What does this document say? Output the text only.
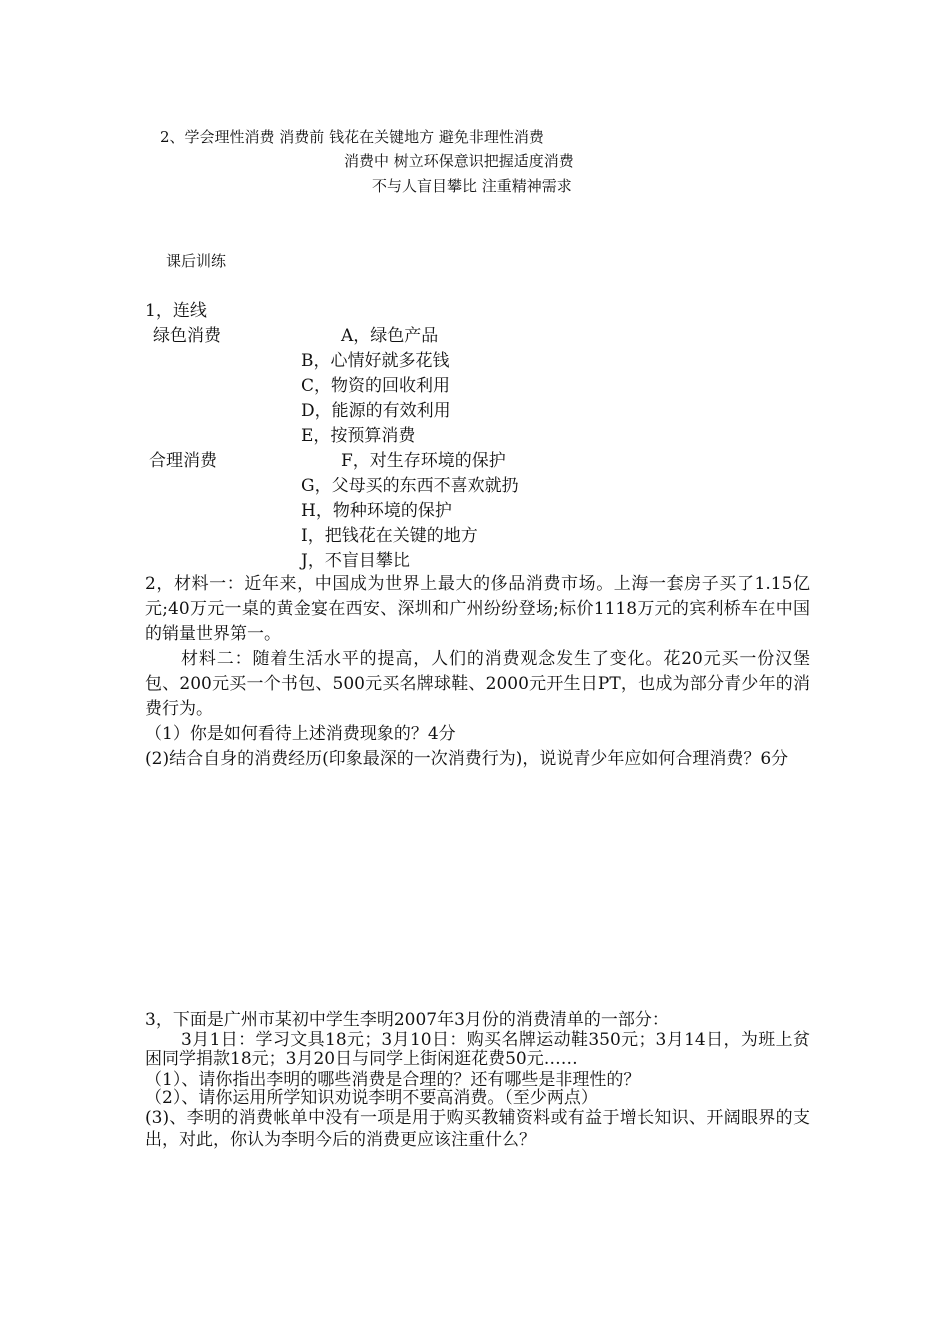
2、学会理性消费 消费前 钱花在关键地方 避免非理性消费
消费中 树立环保意识把握适度消费
不与人盲目攀比 注重精神需求
课后训练
1，连线
绿色消费	A，绿色产品
B，心情好就多花钱
C，物资的回收利用
D，能源的有效利用
E，按预算消费
合理消费	F，对生存环境的保护
G，父母买的东西不喜欢就扔
H，物种环境的保护
I，把钱花在关键的地方
J，不盲目攀比
2，材料一：近年来，中国成为世界上最大的侈品消费市场。上海一套房子买了1.15亿元;40万元一桌的黄金宴在西安、深圳和广州纷纷登场;标价1118万元的宾利桥车在中国的销量世界第一。
材料二：随着生活水平的提高，人们的消费观念发生了变化。花20元买一份汉堡包、200元买一个书包、500元买名牌球鞋、2000元开生日PT，也成为部分青少年的消费行为。
（1）你是如何看待上述消费现象的？4分
(2)结合自身的消费经历(印象最深的一次消费行为)，说说青少年应如何合理消费？6分
3，下面是广州市某初中学生李明2007年3月份的消费清单的一部分：
3月1日：学习文具18元；3月10日：购买名牌运动鞋350元；3月14日，为班上贫困同学捐款18元；3月20日与同学上街闲逛花费50元……
（1）、请你指出李明的哪些消费是合理的？还有哪些是非理性的？
（2）、请你运用所学知识劝说李明不要高消费。（至少两点）
(3)、李明的消费帐单中没有一项是用于购买教辅资料或有益于增长知识、开阔眼界的支出，对此，你认为李明今后的消费更应该注重什么？
